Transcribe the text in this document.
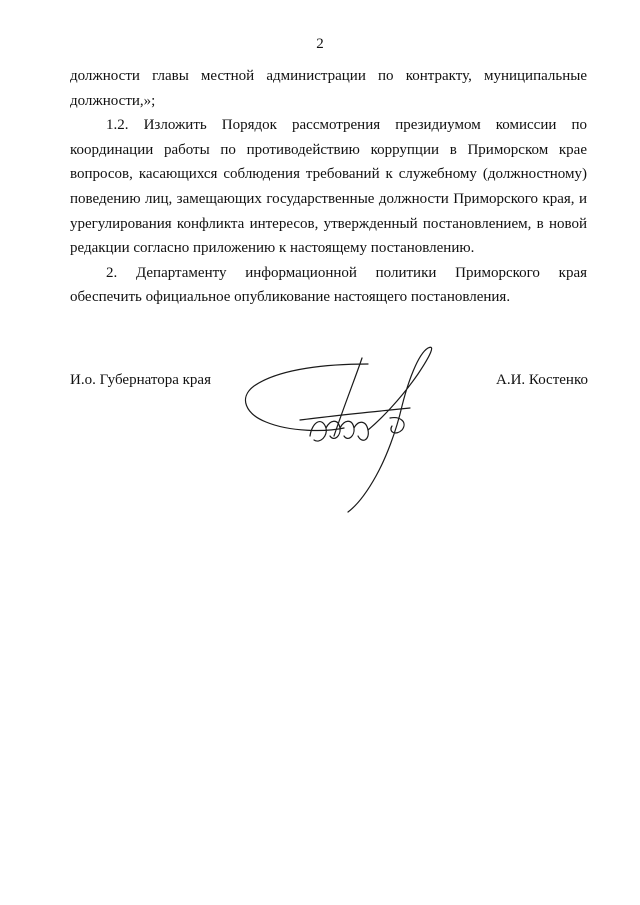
2

должности главы местной администрации по контракту, муниципальные должности,»;

1.2. Изложить Порядок рассмотрения президиумом комиссии по координации работы по противодействию коррупции в Приморском крае вопросов, касающихся соблюдения требований к служебному (должностному) поведению лиц, замещающих государственные должности Приморского края, и урегулирования конфликта интересов, утвержденный постановлением, в новой редакции согласно приложению к настоящему постановлению.

2. Департаменту информационной политики Приморского края обеспечить официальное опубликование настоящего постановления.

И.о. Губернатора края	А.И. Костенко
